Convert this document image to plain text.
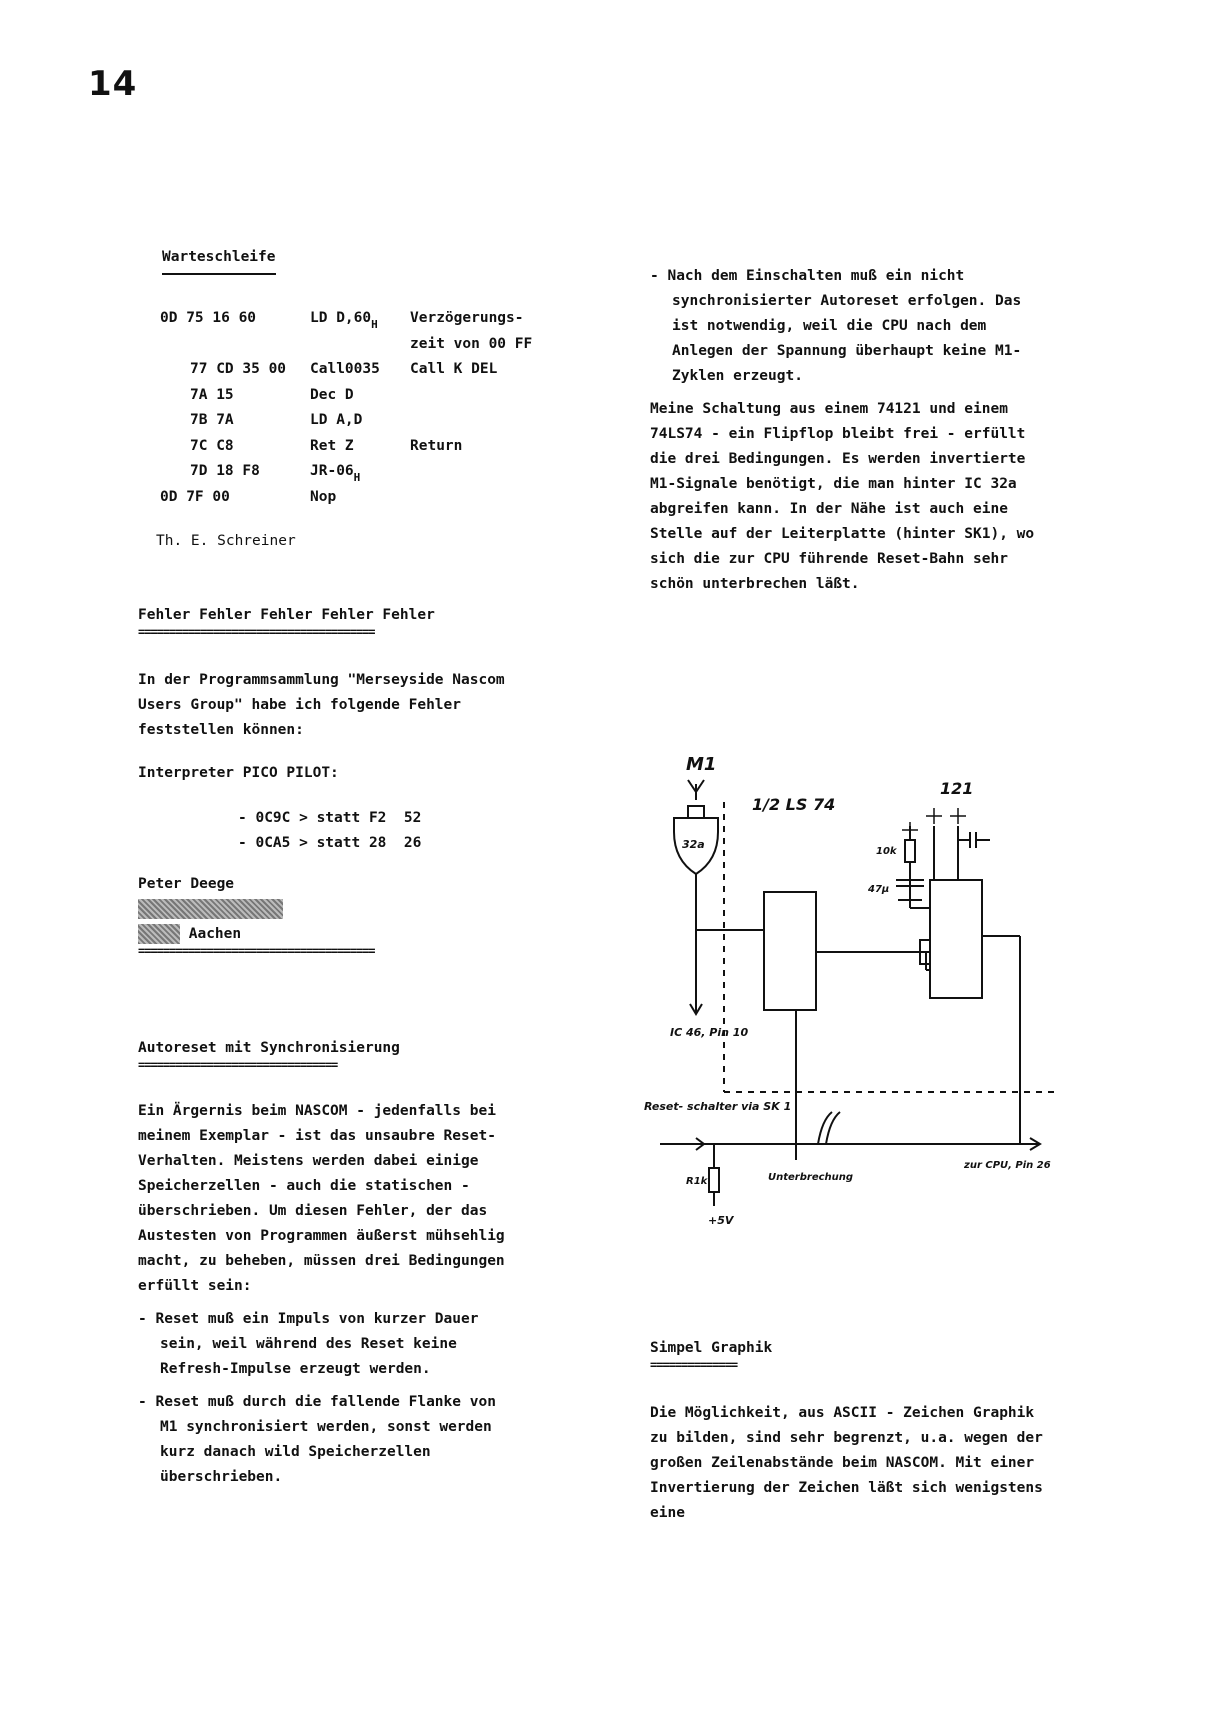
14
Warteschleife
0D 75 16 60	LD $D,60_H$ Verzögerungs-
zeit von 00 FF
77 CD 35 00 Call0035 Call K DEL
7A 15	Dec D
7B 7A	LD A,D
7C C8	Ret Z	Return
7D 18 F8	$JR-06_H$
0D 7F 00	Nop
Th. E. Schreiner
Fehler Fehler Fehler Fehler Fehler
======================================

In der Programmsammlung "Merseyside Nascom Users Group" habe ich folgende Fehler feststellen können:

Interpreter PICO PILOT:

- 0C9C > statt F2  52

- 0CA5 > statt 28  26

Peter Deege

Aachen

======================================
Autoreset mit Synchronisierung
================================

Ein Ärgernis beim NASCOM - jedenfalls bei meinem Exemplar - ist das unsaubre Reset-Verhalten. Meistens werden dabei einige Speicherzellen - auch die statischen - überschrieben. Um diesen Fehler, der das Austesten von Programmen äußerst mühsehlig macht, zu beheben, müssen drei Bedingungen erfüllt sein:

- Reset muß ein Impuls von kurzer Dauer sein, weil während des Reset keine Refresh-Impulse erzeugt werden.

- Reset muß durch die fallende Flanke von M1 synchronisiert werden, sonst werden kurz danach wild Speicherzellen überschrieben.

- Nach dem Einschalten muß ein nicht synchronisierter Autoreset erfolgen. Das ist notwendig, weil die CPU nach dem Anlegen der Spannung überhaupt keine M1-Zyklen erzeugt.

Meine Schaltung aus einem 74121 und einem 74LS74 - ein Flipflop bleibt frei - erfüllt die drei Bedingungen. Es werden invertierte M1-Signale benötigt, die man hinter IC 32a abgreifen kann. In der Nähe ist auch eine Stelle auf der Leiterplatte (hinter SK1), wo sich die zur CPU führende Reset-Bahn sehr schön unterbrechen läßt.

M1
32a
1/2 LS 74
121
10k
47µ
IC 46, Pin 10
Reset- schalter via SK 1
R1k
+5V
Unterbrechung
zur CPU, Pin 26
Simpel Graphik
==============

Die Möglichkeit, aus ASCII - Zeichen Graphik zu bilden, sind sehr begrenzt, u.a. wegen der großen Zeilenabstände beim NASCOM. Mit einer Invertierung der Zeichen läßt sich wenigstens eine
